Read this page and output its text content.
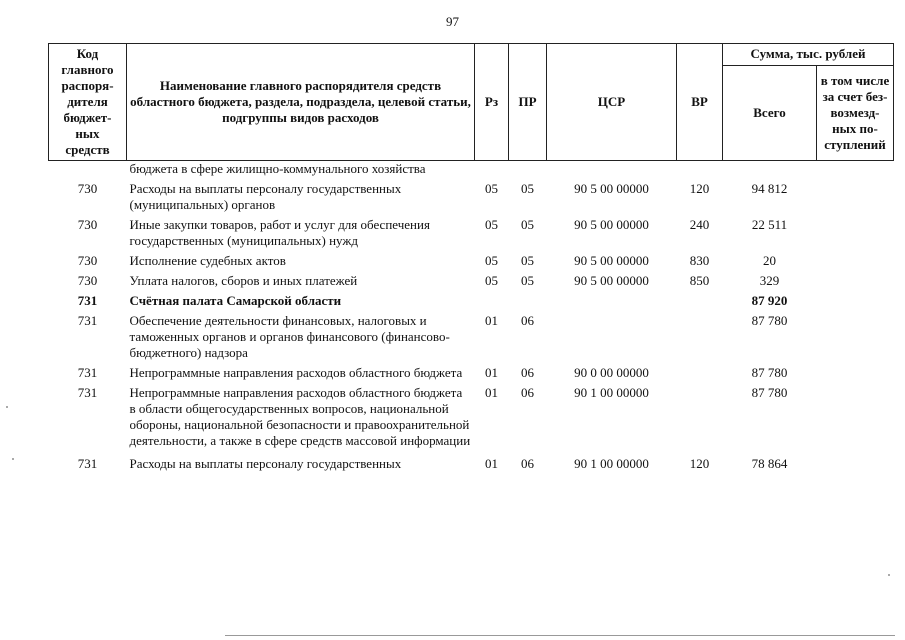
97
Код главного распоря-дителя бюджет-ных средств	Наименование главного распорядителя средств областного бюджета, раздела, подраздела, целевой статьи, подгруппы видов расходов	Рз	ПР	ЦСР	ВР	Сумма, тыс. рублей	
						Всего	в том числе за счет без-возмезд-ных по-ступлений
	бюджета в сфере жилищно-коммунального хозяйства						
730	Расходы на выплаты персоналу государственных (муниципальных) органов	05	05	90 5 00 00000	120	94 812	
730	Иные закупки товаров, работ и услуг для обеспечения государственных (муниципальных) нужд	05	05	90 5 00 00000	240	22 511	
730	Исполнение судебных актов	05	05	90 5 00 00000	830	20	
730	Уплата налогов, сборов и иных платежей	05	05	90 5 00 00000	850	329	
731	Счётная палата Самарской области					87 920	
731	Обеспечение деятельности финансовых, налоговых и таможенных органов и органов финансового (финансово-бюджетного) надзора	01	06			87 780	
731	Непрограммные направления расходов областного бюджета	01	06	90 0 00 00000		87 780	
731	Непрограммные направления расходов областного бюджета в области общегосударственных вопросов, национальной обороны, национальной безопасности и правоохранительной деятельности, а также в сфере средств массовой информации	01	06	90 1 00 00000		87 780	
731	Расходы на выплаты персоналу государственных	01	06	90 1 00 00000	120	78 864	
